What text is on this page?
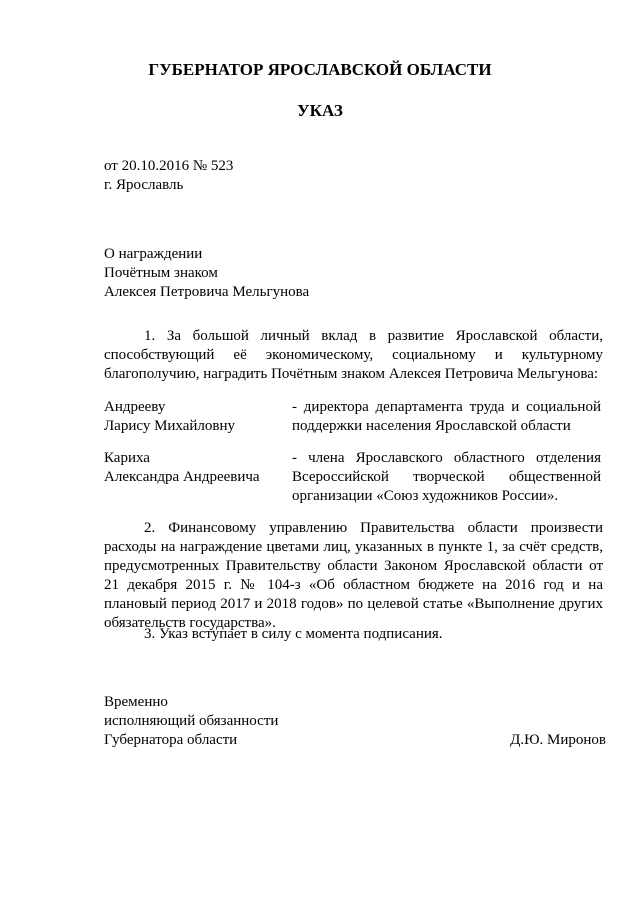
ГУБЕРНАТОР ЯРОСЛАВСКОЙ ОБЛАСТИ
УКАЗ
от 20.10.2016 № 523
г. Ярославль
О награждении
Почётным знаком
Алексея Петровича Мельгунова
1. За большой личный вклад в развитие Ярославской области, способствующий её экономическому, социальному и культурному благополучию, наградить Почётным знаком Алексея Петровича Мельгунова:
Андрееву
Ларису Михайловну
- директора департамента труда и социальной
поддержки населения Ярославской области
Кариха
Александра Андреевича
- члена Ярославского областного отделения
Всероссийской творческой общественной
организации «Союз художников России».
2. Финансовому управлению Правительства области произвести расходы на награждение цветами лиц, указанных в пункте 1, за счёт средств, предусмотренных Правительству области Законом Ярославской области от 21 декабря 2015 г. № 104-з «Об областном бюджете на 2016 год и на плановый период 2017 и 2018 годов» по целевой статье «Выполнение других обязательств государства».
3. Указ вступает в силу с момента подписания.
Временно
исполняющий обязанности
Губернатора области	Д.Ю. Миронов
